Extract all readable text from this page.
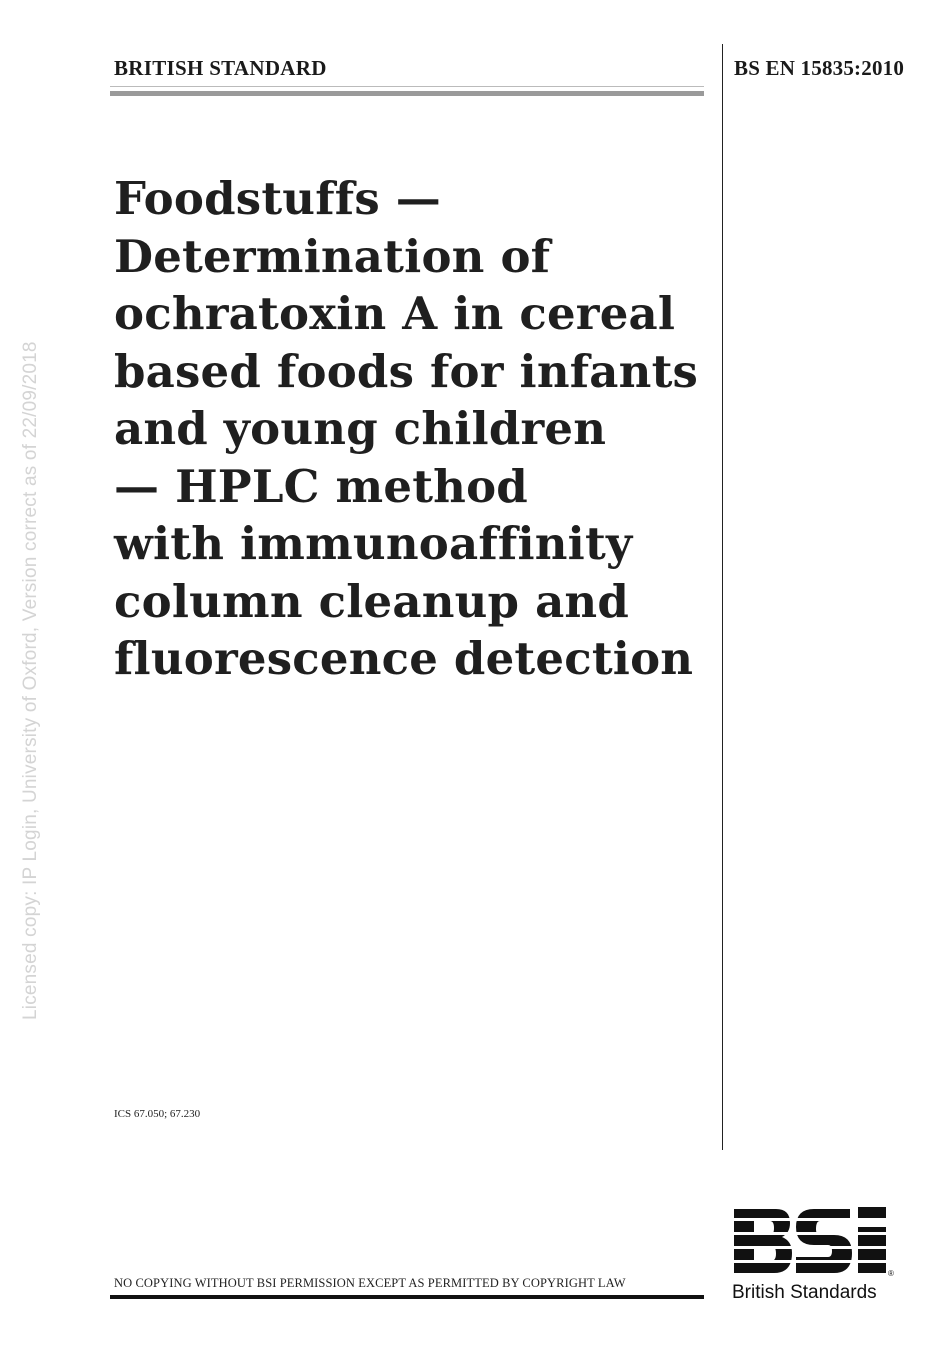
BRITISH STANDARD	BS EN 15835:2010
Foodstuffs —
Determination of
ochratoxin A in cereal
based foods for infants
and young children
— HPLC method
with immunoaffinity
column cleanup and
fluorescence detection
Licensed copy: IP Login, University of Oxford, Version correct as of 22/09/2018
ICS 67.050; 67.230
NO COPYING WITHOUT BSI PERMISSION EXCEPT AS PERMITTED BY COPYRIGHT LAW
®
British Standards
